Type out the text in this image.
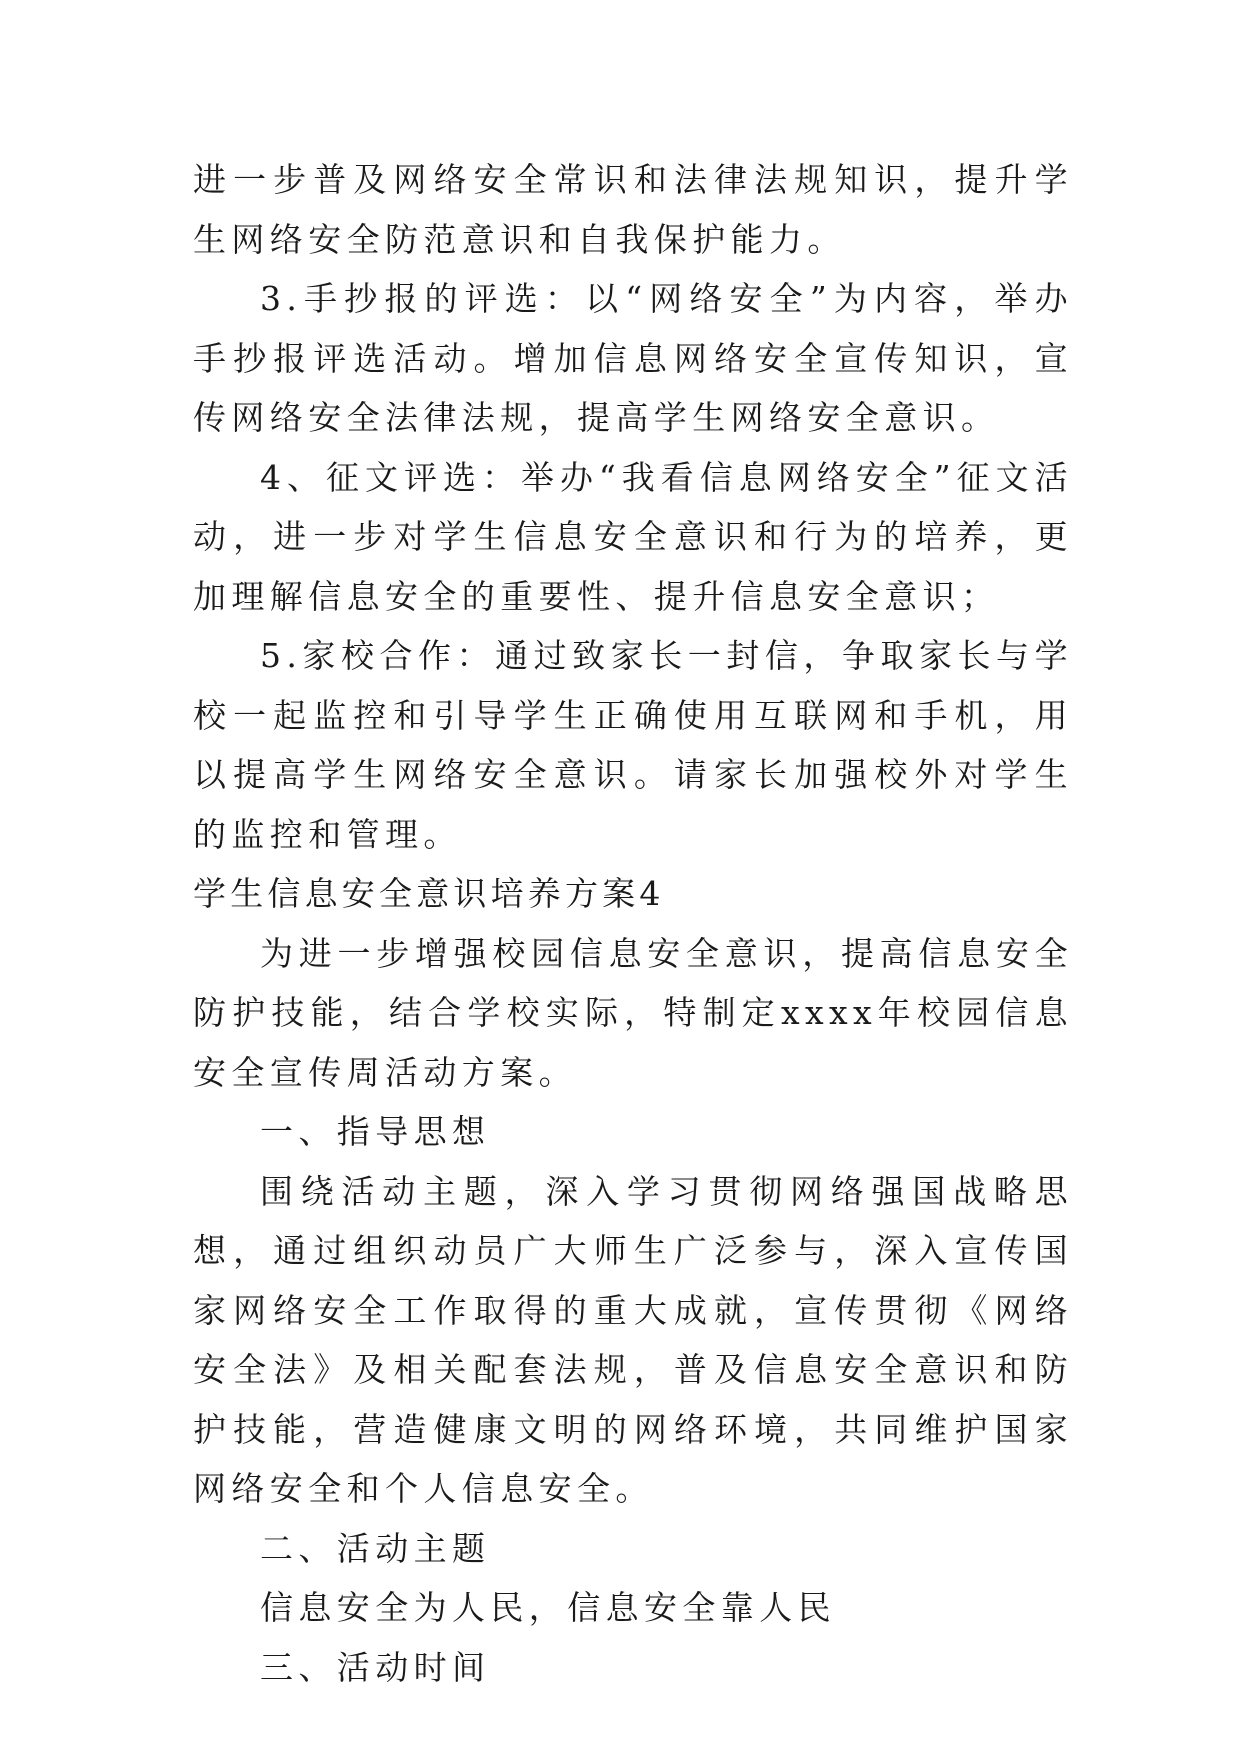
进一步普及网络安全常识和法律法规知识，提升学生网络安全防范意识和自我保护能力。

3.手抄报的评选：以“网络安全”为内容，举办手抄报评选活动。增加信息网络安全宣传知识，宣传网络安全法律法规，提高学生网络安全意识。

4、征文评选：举办“我看信息网络安全”征文活动，进一步对学生信息安全意识和行为的培养，更加理解信息安全的重要性、提升信息安全意识；

5.家校合作：通过致家长一封信，争取家长与学校一起监控和引导学生正确使用互联网和手机，用以提高学生网络安全意识。请家长加强校外对学生的监控和管理。

学生信息安全意识培养方案4

为进一步增强校园信息安全意识，提高信息安全防护技能，结合学校实际，特制定xxxx年校园信息安全宣传周活动方案。

一、指导思想

围绕活动主题，深入学习贯彻网络强国战略思想，通过组织动员广大师生广泛参与，深入宣传国家网络安全工作取得的重大成就，宣传贯彻《网络安全法》及相关配套法规，普及信息安全意识和防护技能，营造健康文明的网络环境，共同维护国家网络安全和个人信息安全。

二、活动主题

信息安全为人民，信息安全靠人民

三、活动时间
